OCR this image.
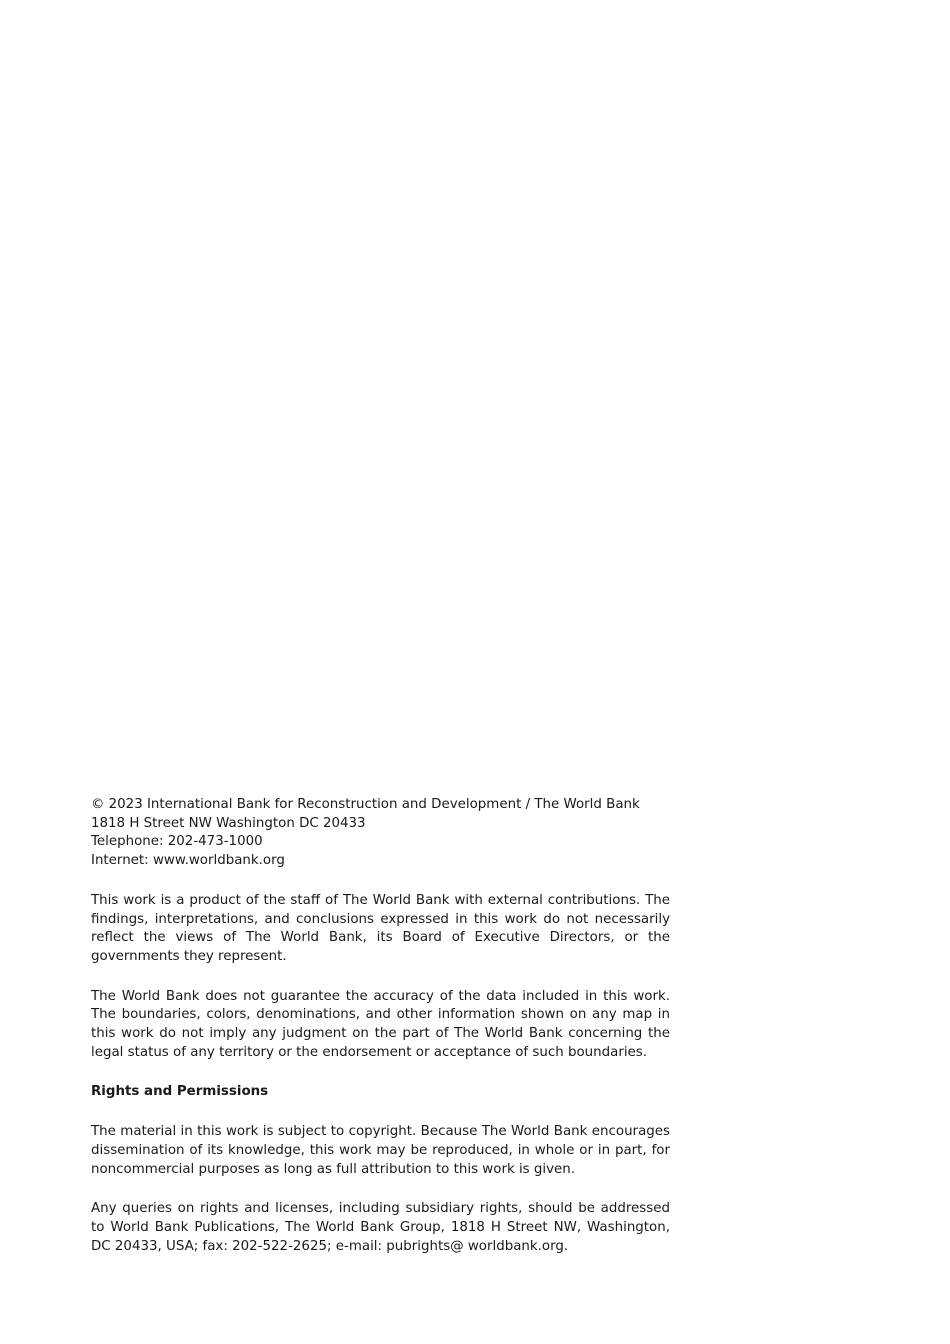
© 2023 International Bank for Reconstruction and Development / The World Bank
1818 H Street NW Washington DC 20433
Telephone: 202-473-1000
Internet: www.worldbank.org

This work is a product of the staff of The World Bank with external contributions. The findings, interpretations, and conclusions expressed in this work do not necessarily reflect the views of The World Bank, its Board of Executive Directors, or the governments they represent.

The World Bank does not guarantee the accuracy of the data included in this work. The boundaries, colors, denominations, and other information shown on any map in this work do not imply any judgment on the part of The World Bank concerning the legal status of any territory or the endorsement or acceptance of such boundaries.

Rights and Permissions

The material in this work is subject to copyright. Because The World Bank encourages dissemination of its knowledge, this work may be reproduced, in whole or in part, for noncommercial purposes as long as full attribution to this work is given.

Any queries on rights and licenses, including subsidiary rights, should be addressed to World Bank Publications, The World Bank Group, 1818 H Street NW, Washington, DC 20433, USA; fax: 202-522-2625; e-mail: pubrights@ worldbank.org.
